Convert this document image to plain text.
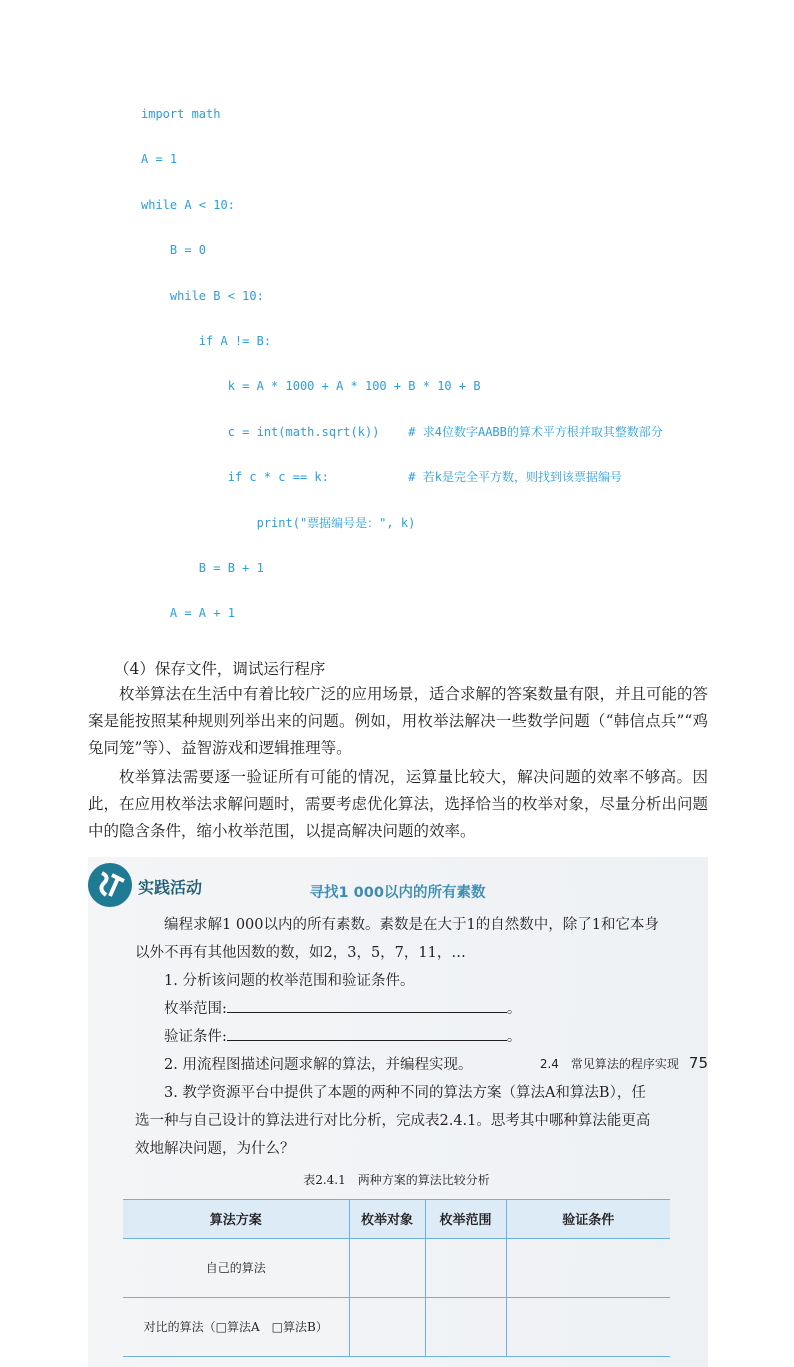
import math

A = 1

while A < 10:

B = 0

while B < 10:

if A != B:

k = A * 1000 + A * 100 + B * 10 + B

c = int(math.sqrt(k))    # 求4位数字AABB的算术平方根并取其整数部分

if c * c == k:           # 若k是完全平方数，则找到该票据编号

print("票据编号是：", k)

B = B + 1

A = A + 1

（4）保存文件，调试运行程序

枚举算法在生活中有着比较广泛的应用场景，适合求解的答案数量有限，并且可能的答案是能按照某种规则列举出来的问题。例如，用枚举法解决一些数学问题（“韩信点兵”“鸡兔同笼”等）、益智游戏和逻辑推理等。

枚举算法需要逐一验证所有可能的情况，运算量比较大，解决问题的效率不够高。因此，在应用枚举法求解问题时，需要考虑优化算法，选择恰当的枚举对象，尽量分析出问题中的隐含条件，缩小枚举范围，以提高解决问题的效率。

实践活动	寻找1 000以内的所有素数

编程求解1 000以内的所有素数。素数是在大于1的自然数中，除了1和它本身以外不再有其他因数的数，如2，3，5，7，11，…

1. 分析该问题的枚举范围和验证条件。

枚举范围:	。

验证条件:	。

2. 用流程图描述问题求解的算法，并编程实现。

3. 教学资源平台中提供了本题的两种不同的算法方案（算法A和算法B），任选一种与自己设计的算法进行对比分析，完成表2.4.1。思考其中哪种算法能更高效地解决问题，为什么？

表2.4.1　两种方案的算法比较分析
算法方案	枚举对象	枚举范围	验证条件
自己的算法			
对比的算法（□算法A　□算法B）			
2.4　常见算法的程序实现 75
